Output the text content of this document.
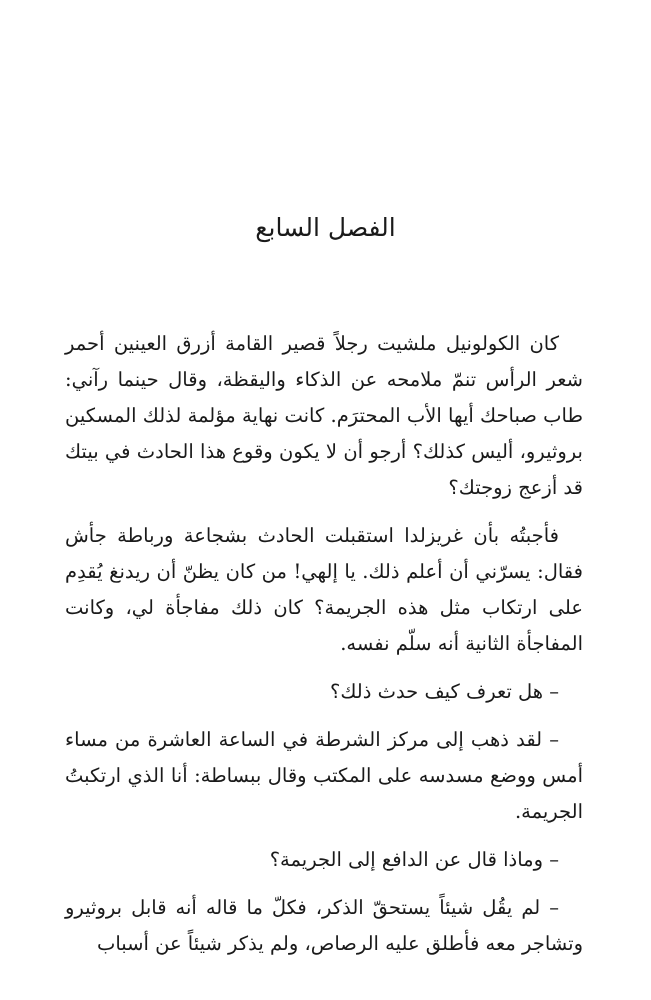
الفصل السابع

كان الكولونيل ملشيت رجلاً قصير القامة أزرق العينين أحمر شعر الرأس تنمّ ملامحه عن الذكاء واليقظة، وقال حينما رآني: طاب صباحك أيها الأب المحترَم. كانت نهاية مؤلمة لذلك المسكين بروثيرو، أليس كذلك؟ أرجو أن لا يكون وقوع هذا الحادث في بيتك قد أزعج زوجتك؟

فأجبتُه بأن غريزلدا استقبلت الحادث بشجاعة ورباطة جأش فقال: يسرّني أن أعلم ذلك. يا إلهي! من كان يظنّ أن ريدنغ يُقدِم على ارتكاب مثل هذه الجريمة؟ كان ذلك مفاجأة لي، وكانت المفاجأة الثانية أنه سلّم نفسه.

– هل تعرف كيف حدث ذلك؟

– لقد ذهب إلى مركز الشرطة في الساعة العاشرة من مساء أمس ووضع مسدسه على المكتب وقال ببساطة: أنا الذي ارتكبتُ الجريمة.

– وماذا قال عن الدافع إلى الجريمة؟

– لم يقُل شيئاً يستحقّ الذكر، فكلّ ما قاله أنه قابل بروثيرو وتشاجر معه فأطلق عليه الرصاص، ولم يذكر شيئاً عن أسباب
